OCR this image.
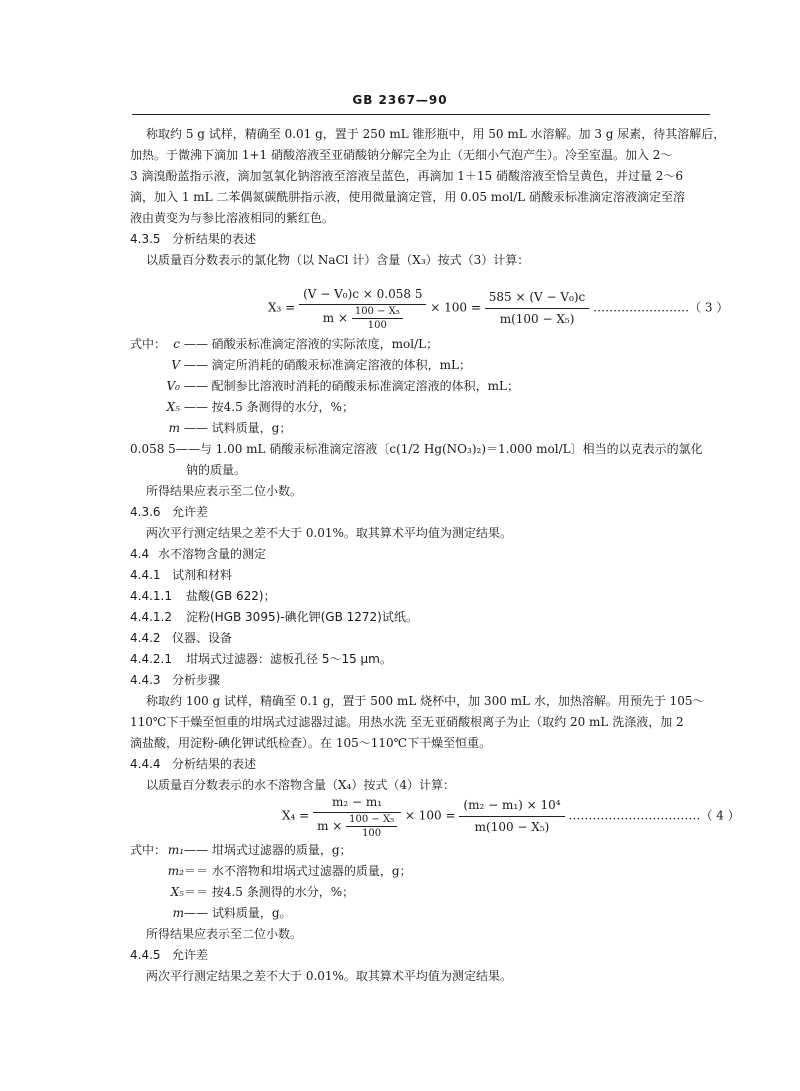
GB 2367—90
称取约 5 g 试样，精确至 0.01 g，置于 250 mL 锥形瓶中，用 50 mL 水溶解。加 3 g 尿素，待其溶解后，
加热。于微沸下滴加 1+1 硝酸溶液至亚硝酸钠分解完全为止（无细小气泡产生）。冷至室温。加入 2～
3 滴溴酚蓝指示液，滴加氢氧化钠溶液至溶液呈蓝色，再滴加 1＋15 硝酸溶液至恰呈黄色，并过量 2～6
滴，加入 1 mL 二苯偶氮碳酰肼指示液，使用微量滴定管，用 0.05 mol/L 硝酸汞标准滴定溶液滴定至溶
液由黄变为与参比溶液相同的紫红色。
4.3.5 分析结果的表述
以质量百分数表示的氯化物（以 NaCl 计）含量（X₃）按式（3）计算：
$X_3 = \frac{\text{(V − V₀)c × 0.058 5}}{m \times \frac{\text{100 − X₅}}{100}} \times 100 = \frac{\text{585 × (V − V₀)c}}{\text{m(100 − X₅)}}$ ……………………（ 3 ）
式中： c —— 硝酸汞标准滴定溶液的实际浓度，mol/L；
V —— 滴定所消耗的硝酸汞标准滴定溶液的体积，mL；
V₀ —— 配制参比溶液时消耗的硝酸汞标准滴定溶液的体积，mL；
X₅ —— 按4.5 条测得的水分，%；
m —— 试料质量，g；
0.058 5——与 1.00 mL 硝酸汞标准滴定溶液〔c(1/2 Hg(NO₃)₂)＝1.000 mol/L〕相当的以克表示的氯化
钠的质量。
所得结果应表示至二位小数。
4.3.6 允许差
两次平行测定结果之差不大于 0.01%。取其算术平均值为测定结果。
4.4 水不溶物含量的测定
4.4.1 试剂和材料
4.4.1.1 盐酸(GB 622)；
4.4.1.2 淀粉(HGB 3095)-碘化钾(GB 1272)试纸。
4.4.2 仪器、设备
4.4.2.1 坩埚式过滤器：滤板孔径 5～15 μm。
4.4.3 分析步骤
称取约 100 g 试样，精确至 0.1 g，置于 500 mL 烧杯中，加 300 mL 水，加热溶解。用预先于 105～
110℃下干燥至恒重的坩埚式过滤器过滤。用热水洗 至无亚硝酸根离子为止（取约 20 mL 洗涤液，加 2
滴盐酸，用淀粉-碘化钾试纸检查）。在 105～110℃下干燥至恒重。
4.4.4 分析结果的表述
以质量百分数表示的水不溶物含量（X₄）按式（4）计算：
$X_4 = \frac{\text{m₂ − m₁}}{m \times \frac{\text{100 − X₅}}{100}} \times 100 = \frac{\text{(m₂ − m₁) × 10⁴}}{\text{m(100 − X₅)}}$ ……………………………（ 4 ）
式中： m₁—— 坩埚式过滤器的质量，g；
m₂＝＝ 水不溶物和坩埚式过滤器的质量，g；
X₅＝＝ 按4.5 条测得的水分，%；
m—— 试料质量，g。
所得结果应表示至二位小数。
4.4.5 允许差
两次平行测定结果之差不大于 0.01%。取其算术平均值为测定结果。
